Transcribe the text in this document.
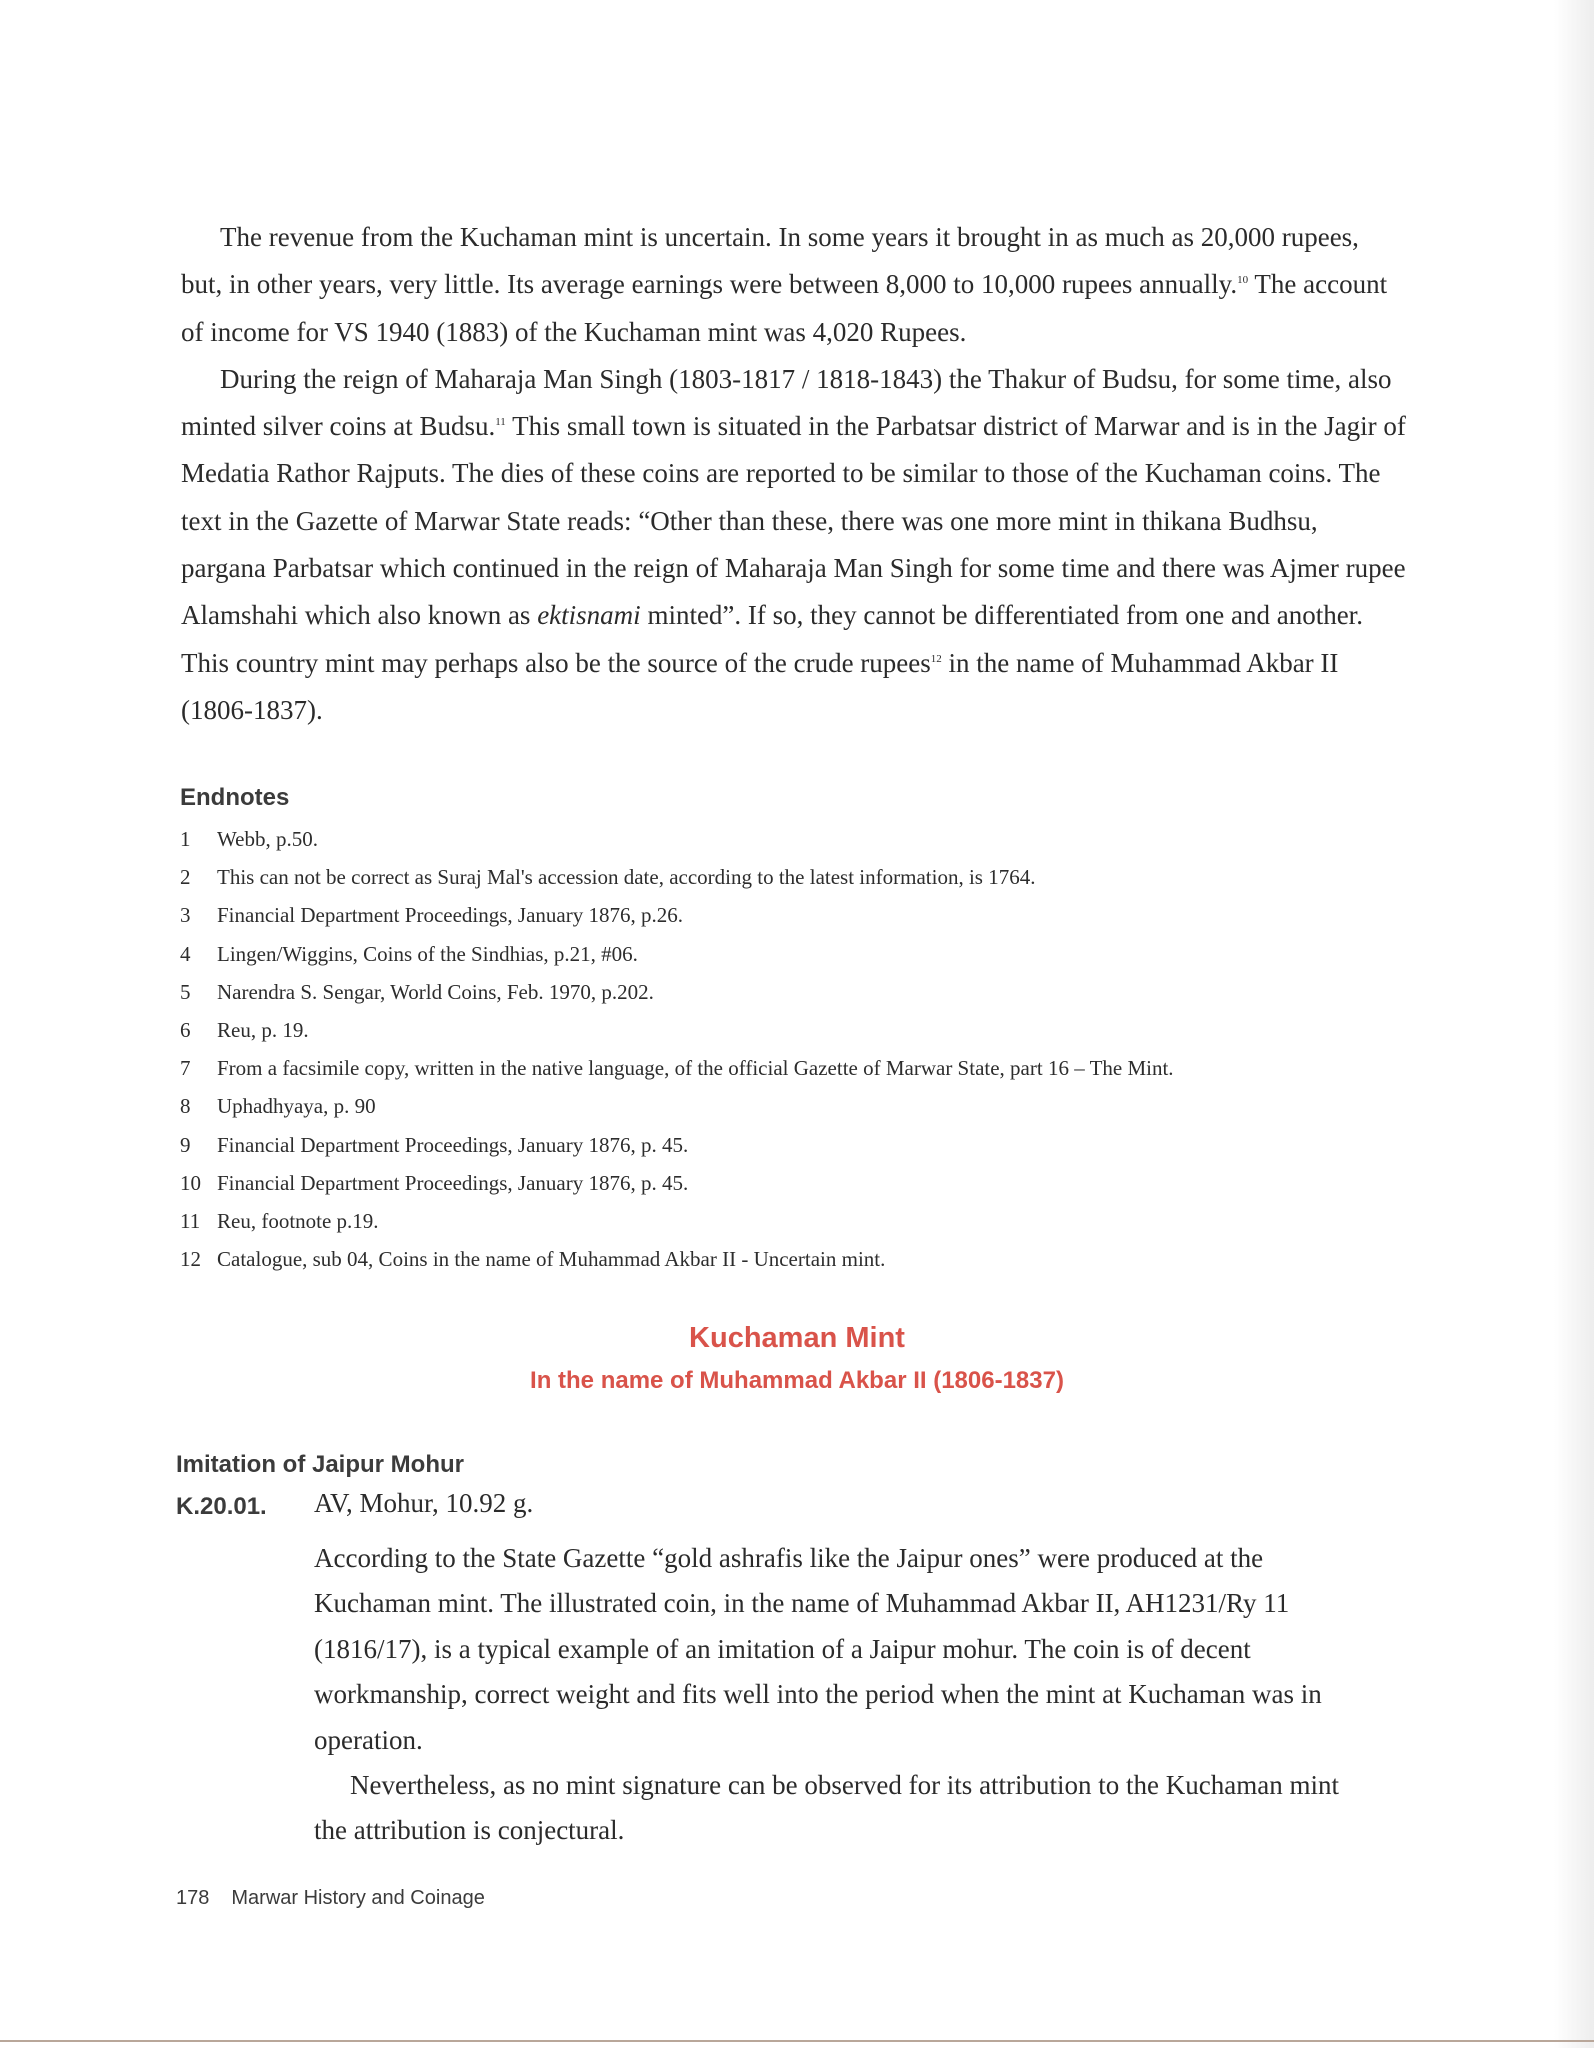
The revenue from the Kuchaman mint is uncertain. In some years it brought in as much as 20,000 rupees, but, in other years, very little. Its average earnings were between 8,000 to 10,000 rupees annually.$^{10}$ The account of income for VS 1940 (1883) of the Kuchaman mint was 4,020 Rupees.

During the reign of Maharaja Man Singh (1803-1817 / 1818-1843) the Thakur of Budsu, for some time, also minted silver coins at Budsu.$^{11}$ This small town is situated in the Parbatsar district of Marwar and is in the Jagir of Medatia Rathor Rajputs. The dies of these coins are reported to be similar to those of the Kuchaman coins. The text in the Gazette of Marwar State reads: “Other than these, there was one more mint in thikana Budhsu, pargana Parbatsar which continued in the reign of Maharaja Man Singh for some time and there was Ajmer rupee Alamshahi which also known as ektisnami minted”. If so, they cannot be differentiated from one and another. This country mint may perhaps also be the source of the crude rupees$^{12}$ in the name of Muhammad Akbar II (1806-1837).

Endnotes
1	Webb, p.50.
2	This can not be correct as Suraj Mal's accession date, according to the latest information, is 1764.
3	Financial Department Proceedings, January 1876, p.26.
4	Lingen/Wiggins, Coins of the Sindhias, p.21, #06.
5	Narendra S. Sengar, World Coins, Feb. 1970, p.202.
6	Reu, p. 19.
7	From a facsimile copy, written in the native language, of the official Gazette of Marwar State, part 16 – The Mint.
8	Uphadhyaya, p. 90
9	Financial Department Proceedings, January 1876, p. 45.
10 Financial Department Proceedings, January 1876, p. 45.
11 Reu, footnote p.19.
12 Catalogue, sub 04, Coins in the name of Muhammad Akbar II - Uncertain mint.
Kuchaman Mint
In the name of Muhammad Akbar II (1806-1837)
Imitation of Jaipur Mohur
K.20.01. AV, Mohur, 10.92 g.

According to the State Gazette “gold ashrafis like the Jaipur ones” were produced at the Kuchaman mint. The illustrated coin, in the name of Muhammad Akbar II, AH1231/Ry 11 (1816/17), is a typical example of an imitation of a Jaipur mohur. The coin is of decent workmanship, correct weight and fits well into the period when the mint at Kuchaman was in operation.

Nevertheless, as no mint signature can be observed for its attribution to the Kuchaman mint the attribution is conjectural.

178 Marwar History and Coinage
